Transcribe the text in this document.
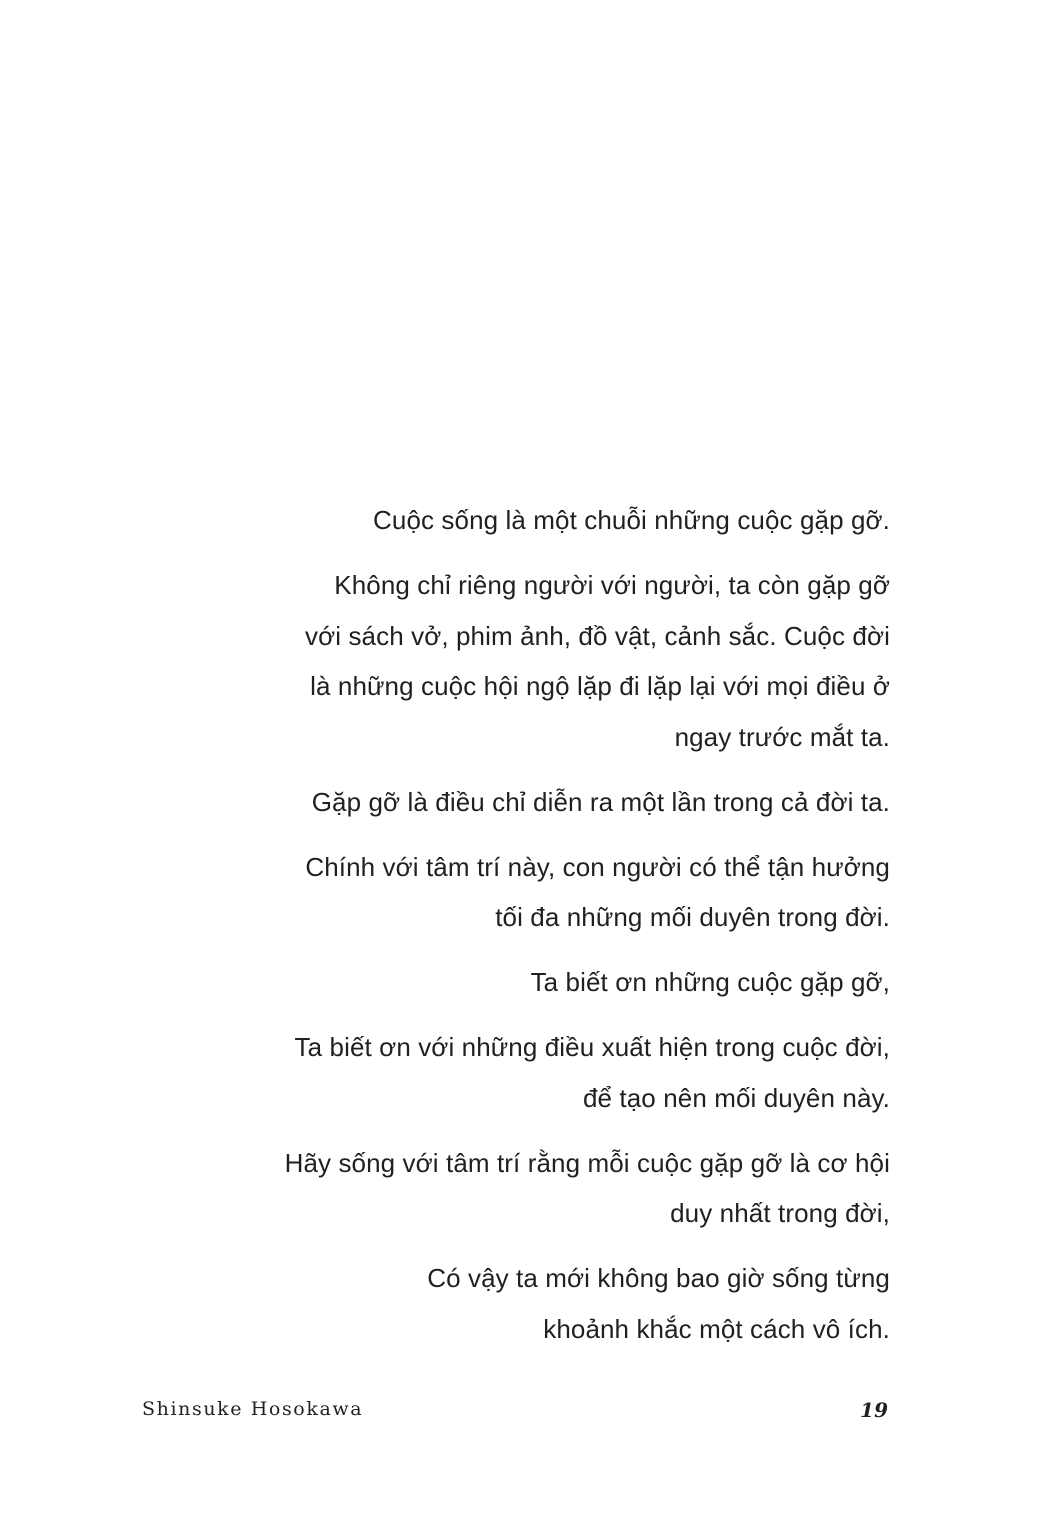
Cuộc sống là một chuỗi những cuộc gặp gỡ.

Không chỉ riêng người với người, ta còn gặp gỡ
với sách vở, phim ảnh, đồ vật, cảnh sắc. Cuộc đời
là những cuộc hội ngộ lặp đi lặp lại với mọi điều ở
ngay trước mắt ta.

Gặp gỡ là điều chỉ diễn ra một lần trong cả đời ta.

Chính với tâm trí này, con người có thể tận hưởng
tối đa những mối duyên trong đời.

Ta biết ơn những cuộc gặp gỡ,

Ta biết ơn với những điều xuất hiện trong cuộc đời,
để tạo nên mối duyên này.

Hãy sống với tâm trí rằng mỗi cuộc gặp gỡ là cơ hội
duy nhất trong đời,

Có vậy ta mới không bao giờ sống từng
khoảnh khắc một cách vô ích.

Shinsuke Hosokawa	19
